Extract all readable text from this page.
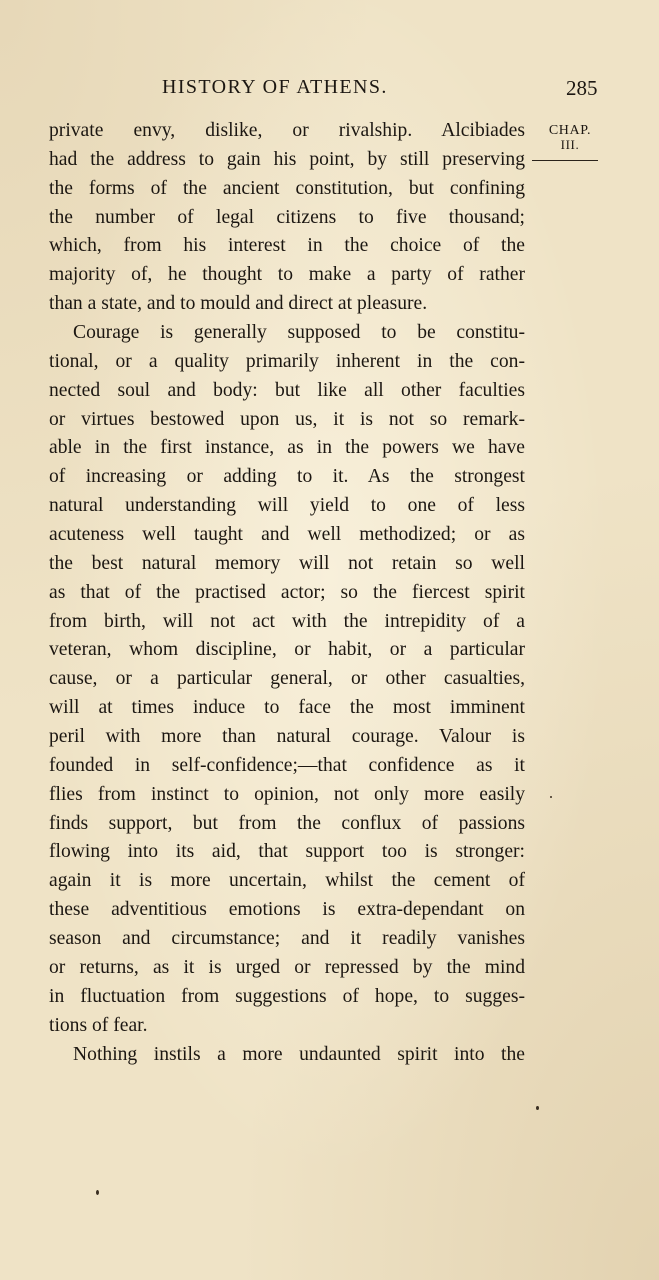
HISTORY OF ATHENS.	285
CHAP.
III.
private envy, dislike, or rivalship. Alcibiades
had the address to gain his point, by still preserving
the forms of the ancient constitution, but confining
the number of legal citizens to five thousand;
which, from his interest in the choice of the
majority of, he thought to make a party of rather
than a state, and to mould and direct at pleasure.
Courage is generally supposed to be constitu-
tional, or a quality primarily inherent in the con-
nected soul and body: but like all other faculties
or virtues bestowed upon us, it is not so remark-
able in the first instance, as in the powers we have
of increasing or adding to it. As the strongest
natural understanding will yield to one of less
acuteness well taught and well methodized; or as
the best natural memory will not retain so well
as that of the practised actor; so the fiercest spirit
from birth, will not act with the intrepidity of a
veteran, whom discipline, or habit, or a particular
cause, or a particular general, or other casualties,
will at times induce to face the most imminent
peril with more than natural courage. Valour is
founded in self-confidence;—that confidence as it
flies from instinct to opinion, not only more easily
finds support, but from the conflux of passions
flowing into its aid, that support too is stronger:
again it is more uncertain, whilst the cement of
these adventitious emotions is extra-dependant on
season and circumstance; and it readily vanishes
or returns, as it is urged or repressed by the mind
in fluctuation from suggestions of hope, to sugges-
tions of fear.
Nothing instils a more undaunted spirit into the
